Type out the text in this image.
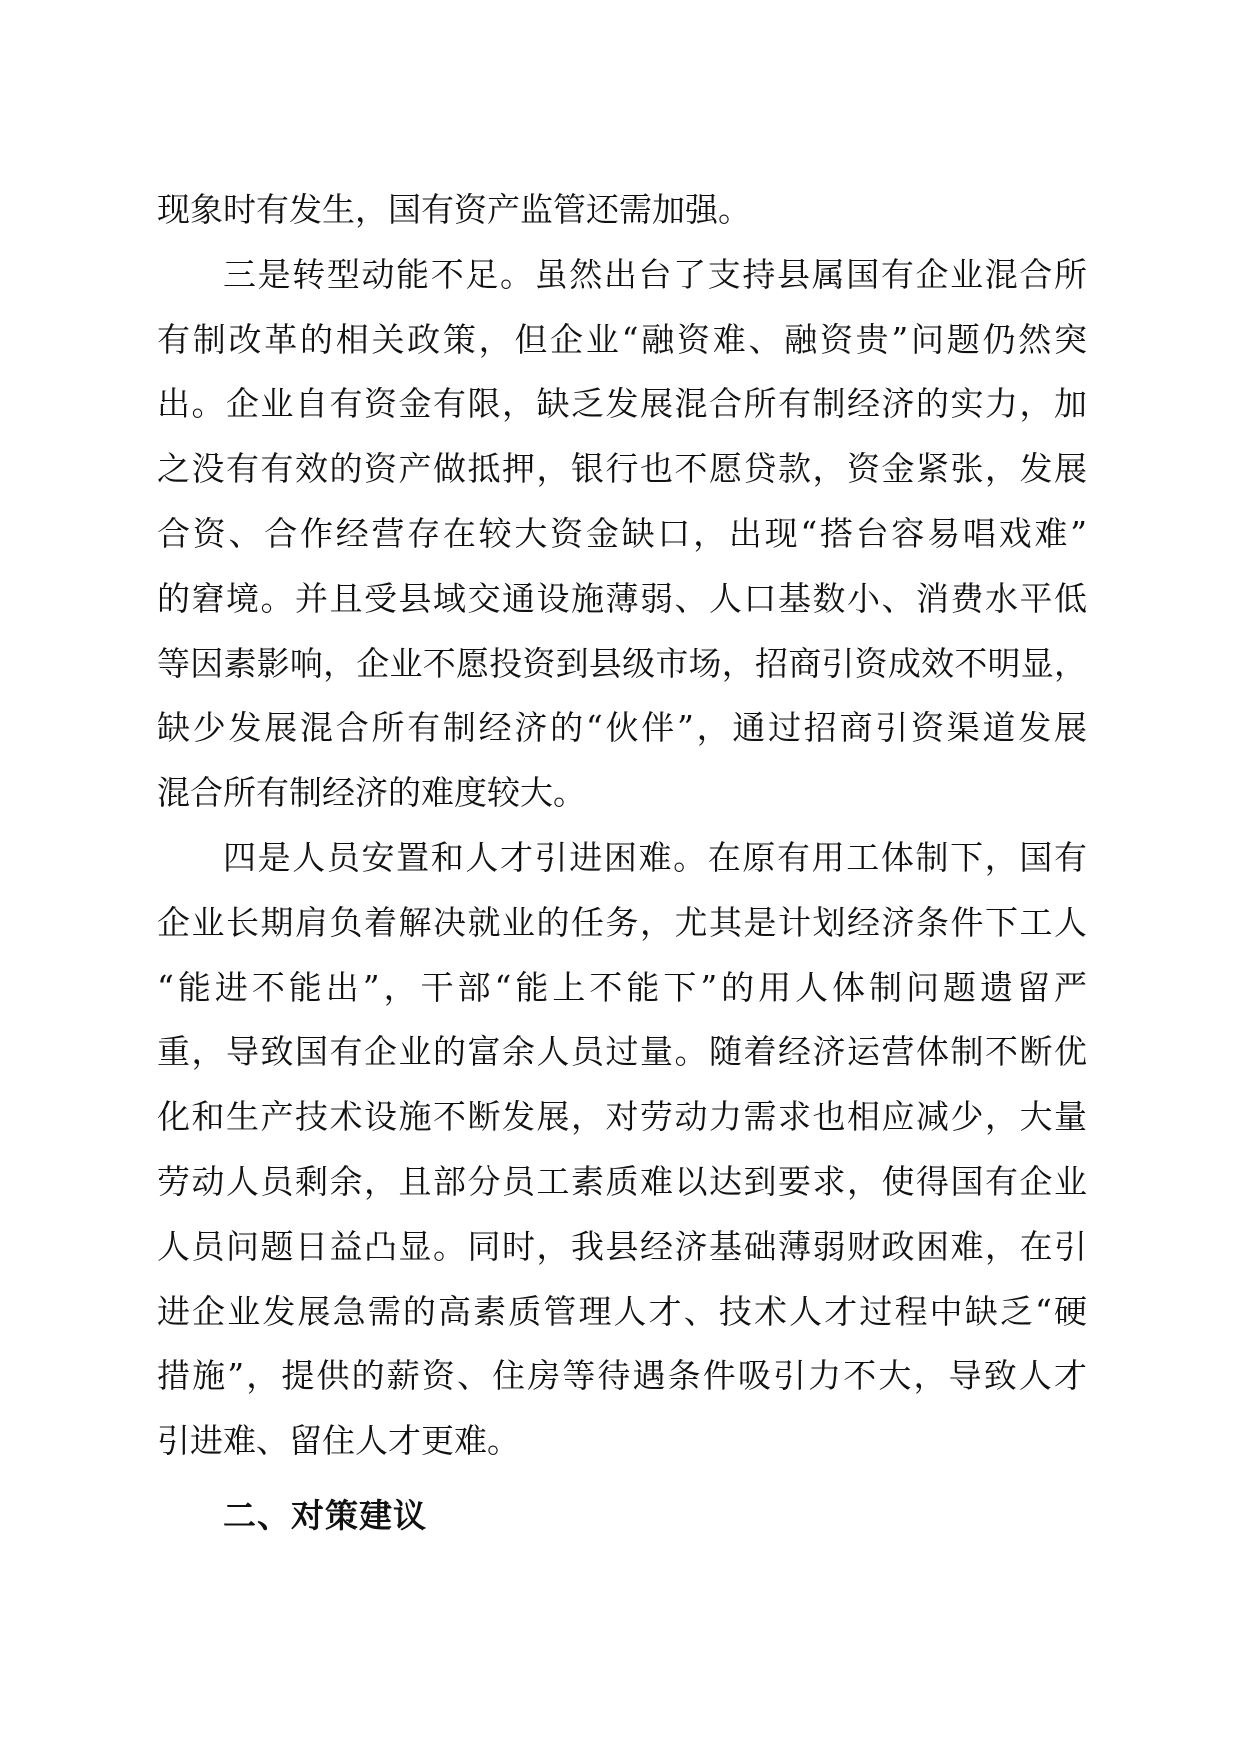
现象时有发生，国有资产监管还需加强。
三是转型动能不足。虽然出台了支持县属国有企业混合所
有制改革的相关政策，但企业“融资难、融资贵”问题仍然突
出。企业自有资金有限，缺乏发展混合所有制经济的实力，加
之没有有效的资产做抵押，银行也不愿贷款，资金紧张，发展
合资、合作经营存在较大资金缺口，出现“搭台容易唱戏难”
的窘境。并且受县域交通设施薄弱、人口基数小、消费水平低
等因素影响，企业不愿投资到县级市场，招商引资成效不明显，
缺少发展混合所有制经济的“伙伴”，通过招商引资渠道发展
混合所有制经济的难度较大。
四是人员安置和人才引进困难。在原有用工体制下，国有
企业长期肩负着解决就业的任务，尤其是计划经济条件下工人
“能进不能出”，干部“能上不能下”的用人体制问题遗留严
重，导致国有企业的富余人员过量。随着经济运营体制不断优
化和生产技术设施不断发展，对劳动力需求也相应减少，大量
劳动人员剩余，且部分员工素质难以达到要求，使得国有企业
人员问题日益凸显。同时，我县经济基础薄弱财政困难，在引
进企业发展急需的高素质管理人才、技术人才过程中缺乏“硬
措施”，提供的薪资、住房等待遇条件吸引力不大，导致人才
引进难、留住人才更难。
二、对策建议
